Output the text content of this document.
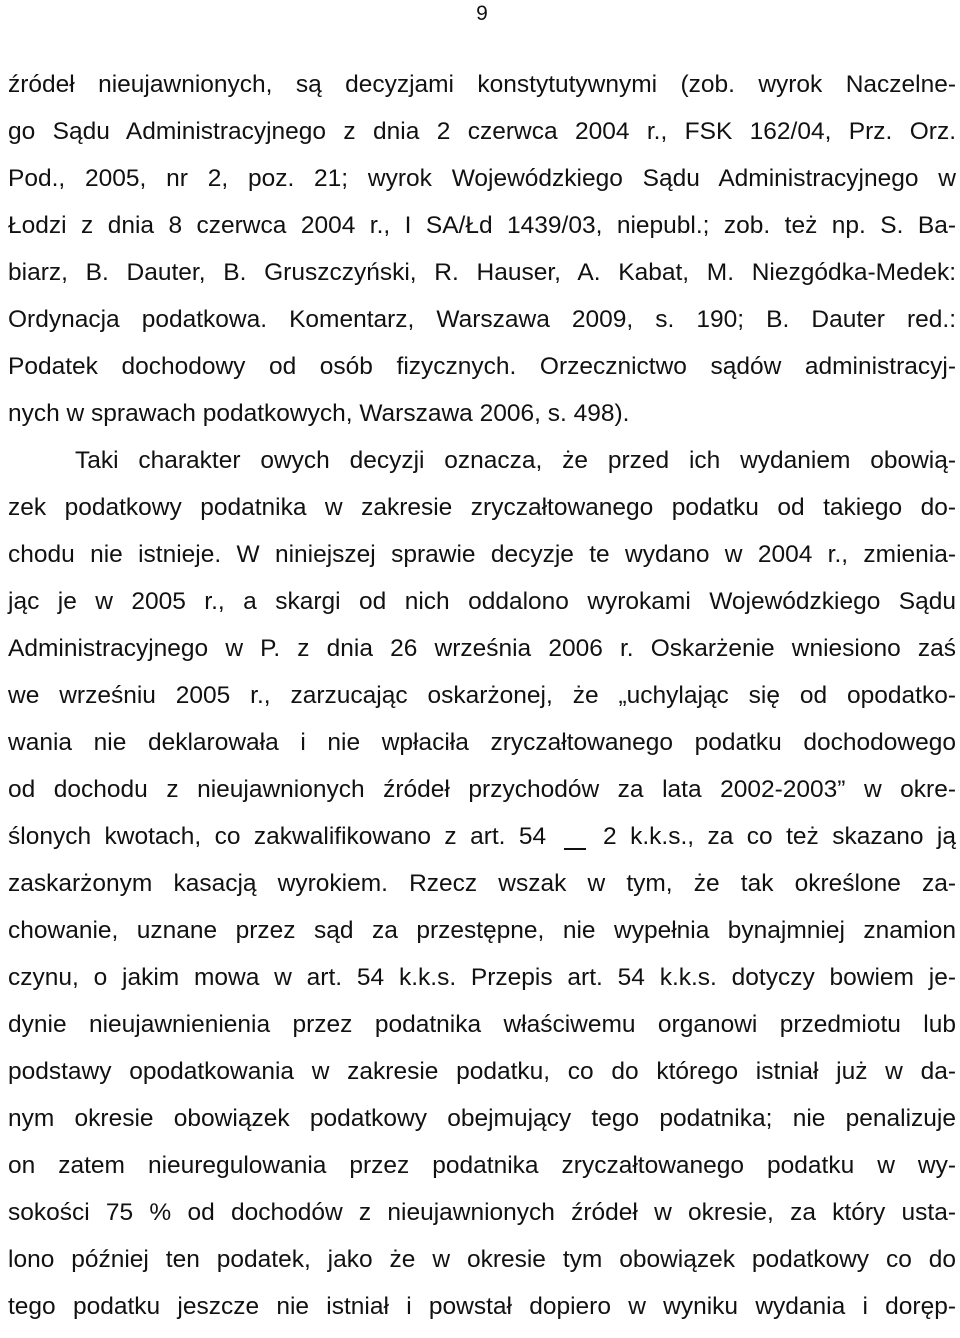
9
źródeł nieujawnionych, są decyzjami konstytutywnymi (zob. wyrok Naczelne-
go Sądu Administracyjnego z dnia 2 czerwca 2004 r., FSK 162/04, Prz. Orz.
Pod., 2005, nr 2, poz. 21; wyrok Wojewódzkiego Sądu Administracyjnego w
Łodzi z dnia 8 czerwca 2004 r., I SA/Łd 1439/03, niepubl.; zob. też np. S. Ba-
biarz, B. Dauter, B. Gruszczyński, R. Hauser, A. Kabat, M. Niezgódka-Medek:
Ordynacja podatkowa. Komentarz, Warszawa 2009, s. 190; B. Dauter red.:
Podatek dochodowy od osób fizycznych. Orzecznictwo sądów administracyj-
nych w sprawach podatkowych, Warszawa 2006, s. 498).
Taki charakter owych decyzji oznacza, że przed ich wydaniem obowią-
zek podatkowy podatnika w zakresie zryczałtowanego podatku od takiego do-
chodu nie istnieje. W niniejszej sprawie decyzje te wydano w 2004 r., zmienia-
jąc je w 2005 r., a skargi od nich oddalono wyrokami Wojewódzkiego Sądu
Administracyjnego w P. z dnia 26 września 2006 r. Oskarżenie wniesiono zaś
we wrześniu 2005 r., zarzucając oskarżonej, że „uchylając się od opodatko-
wania nie deklarowała i nie wpłaciła zryczałtowanego podatku dochodowego
od dochodu z nieujawnionych źródeł przychodów za lata 2002-2003” w okre-
ślonych kwotach, co zakwalifikowano z art. 54 2 k.k.s., za co też skazano ją
zaskarżonym kasacją wyrokiem. Rzecz wszak w tym, że tak określone za-
chowanie, uznane przez sąd za przestępne, nie wypełnia bynajmniej znamion
czynu, o jakim mowa w art. 54 k.k.s. Przepis art. 54 k.k.s. dotyczy bowiem je-
dynie nieujawnienienia przez podatnika właściwemu organowi przedmiotu lub
podstawy opodatkowania w zakresie podatku, co do którego istniał już w da-
nym okresie obowiązek podatkowy obejmujący tego podatnika; nie penalizuje
on zatem nieuregulowania przez podatnika zryczałtowanego podatku w wy-
sokości 75 % od dochodów z nieujawnionych źródeł w okresie, za który usta-
lono później ten podatek, jako że w okresie tym obowiązek podatkowy co do
tego podatku jeszcze nie istniał i powstał dopiero w wyniku wydania i doręp-
